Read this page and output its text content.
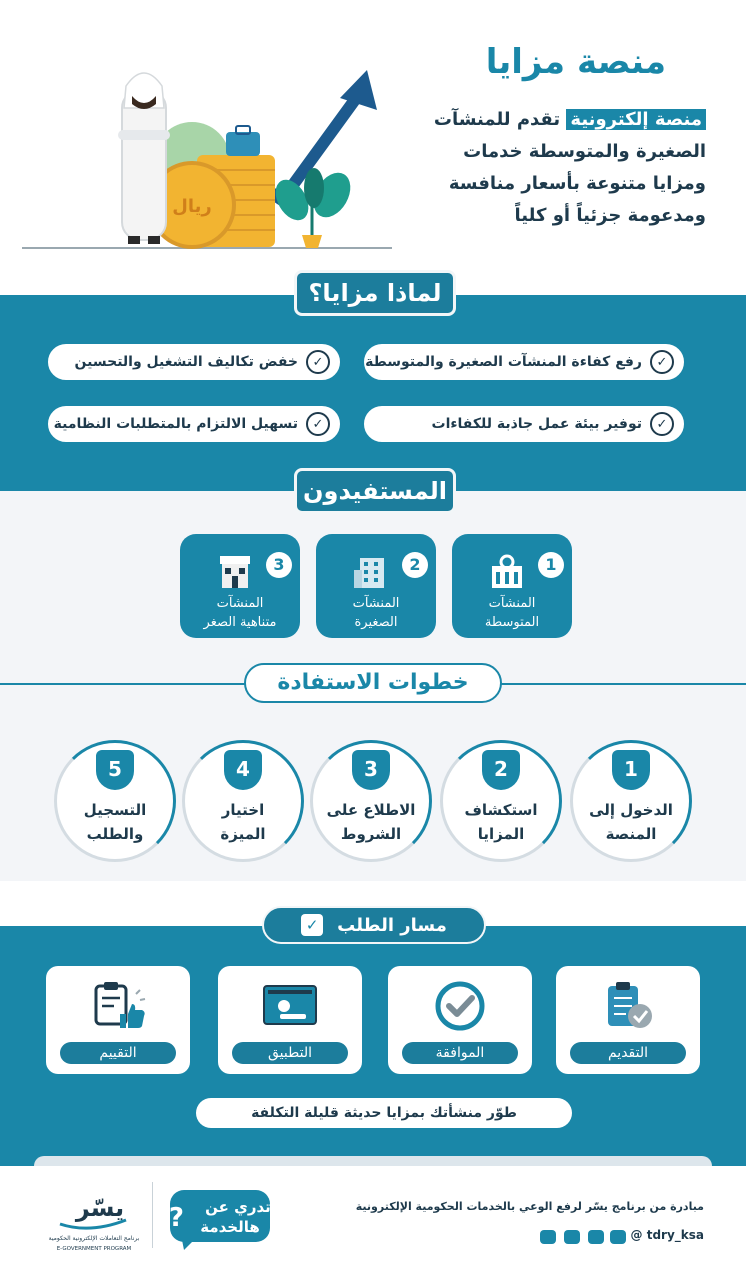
منصة مزايا
منصة إلكترونية تقدم للمنشآت الصغيرة والمتوسطة خدمات ومزايا متنوعة بأسعار منافسة ومدعومة جزئياً أو كلياً
ريال
لماذا مزايا؟
✓
رفع كفاءة المنشآت الصغيرة والمتوسطة
✓
خفض تكاليف التشغيل والتحسين
✓
توفير بيئة عمل جاذبة للكفاءات
✓
تسهيل الالتزام بالمتطلبات النظامية
المستفيدون
1
المنشآت
المتوسطة
2
المنشآت
الصغيرة
3
المنشآت
متناهية الصغر
خطوات الاستفادة
1
الدخول إلى
المنصة
2
استكشاف
المزايا
3
الاطلاع على
الشروط
4
اختيار
الميزة
5
التسجيل
والطلب
مسار الطلب
✓
التقديم
الموافقة
التطبيق
التقييم
طوّر منشأتك بمزايا حديثة قليلة التكلفة
مبادرة من برنامج يسّر لرفع الوعي بالخدمات الحكومية الإلكترونية
@ tdry_ksa
تدري عن
هالخدمة
?
يسّر
برنامج التعاملات الإلكترونية الحكومية
E-GOVERNMENT PROGRAM
